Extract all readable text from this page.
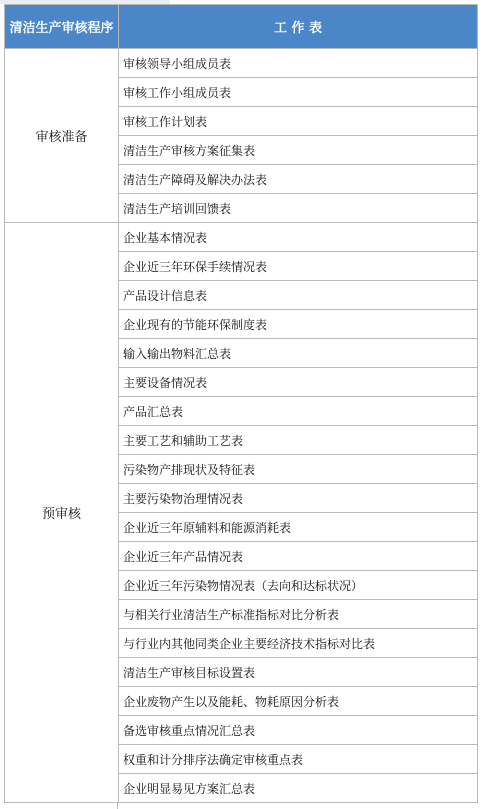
清洁生产审核程序	工 作 表
审核准备	审核领导小组成员表
	审核工作小组成员表
	审核工作计划表
	清洁生产审核方案征集表
	清洁生产障碍及解决办法表
	清洁生产培训回馈表
预审核	企业基本情况表
	企业近三年环保手续情况表
	产品设计信息表
	企业现有的节能环保制度表
	输入输出物料汇总表
	主要设备情况表
	产品汇总表
	主要工艺和辅助工艺表
	污染物产排现状及特征表
	主要污染物治理情况表
	企业近三年原辅料和能源消耗表
	企业近三年产品情况表
	企业近三年污染物情况表（去向和达标状况）
	与相关行业清洁生产标准指标对比分析表
	与行业内其他同类企业主要经济技术指标对比表
	清洁生产审核目标设置表
	企业废物产生以及能耗、物耗原因分析表
	备选审核重点情况汇总表
	权重和计分排序法确定审核重点表
	企业明显易见方案汇总表
